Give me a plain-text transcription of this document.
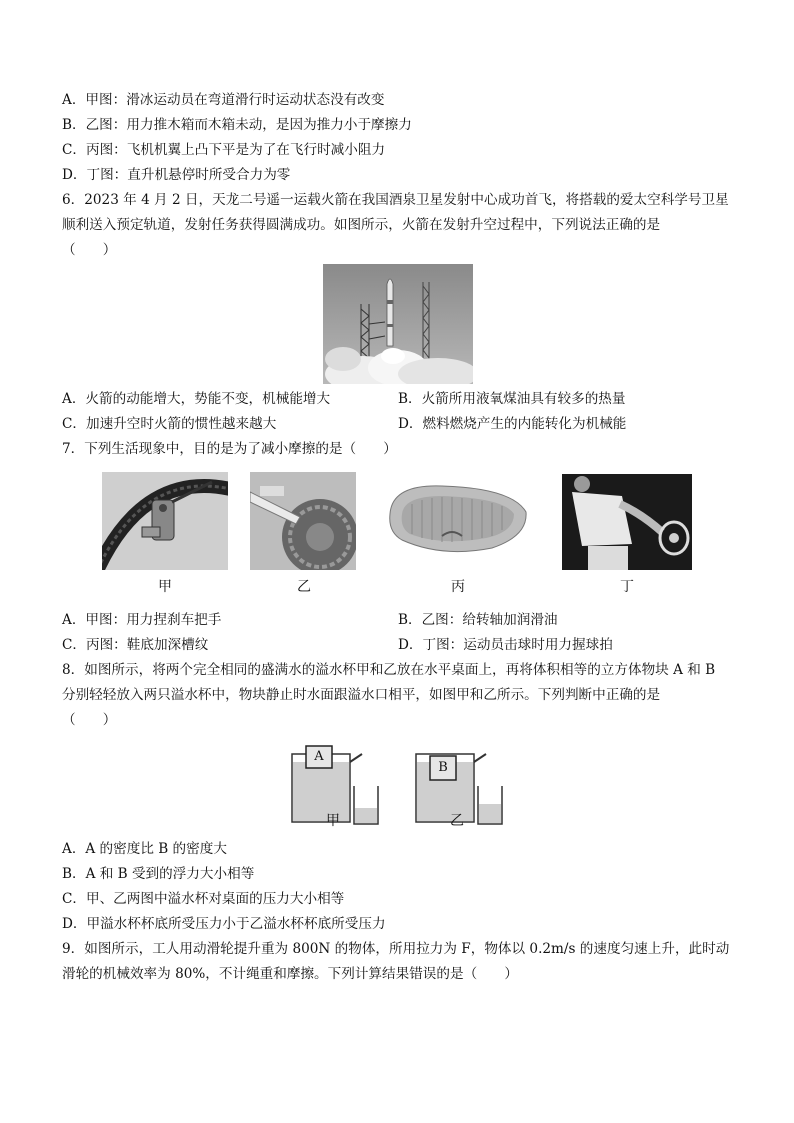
A．甲图：滑冰运动员在弯道滑行时运动状态没有改变
B．乙图：用力推木箱而木箱未动，是因为推力小于摩擦力
C．丙图：飞机机翼上凸下平是为了在飞行时减小阻力
D．丁图：直升机悬停时所受合力为零
6．2023 年 4 月 2 日，天龙二号遥一运载火箭在我国酒泉卫星发射中心成功首飞，将搭载的爱太空科学号卫星
顺利送入预定轨道，发射任务获得圆满成功。如图所示，火箭在发射升空过程中，下列说法正确的是
（　　）
A．火箭的动能增大，势能不变，机械能增大	B．火箭所用液氧煤油具有较多的热量
C．加速升空时火箭的惯性越来越大	D．燃料燃烧产生的内能转化为机械能
7．下列生活现象中，目的是为了减小摩擦的是（　　）
甲	乙	丙	丁
A．甲图：用力捏刹车把手	B．乙图：给转轴加润滑油
C．丙图：鞋底加深槽纹	D．丁图：运动员击球时用力握球拍
8．如图所示，将两个完全相同的盛满水的溢水杯甲和乙放在水平桌面上，再将体积相等的立方体物块 A 和 B
分别轻轻放入两只溢水杯中，物块静止时水面跟溢水口相平，如图甲和乙所示。下列判断中正确的是
（　　）
A
B
甲	乙
A．A 的密度比 B 的密度大
B．A 和 B 受到的浮力大小相等
C．甲、乙两图中溢水杯对桌面的压力大小相等
D．甲溢水杯杯底所受压力小于乙溢水杯杯底所受压力
9．如图所示，工人用动滑轮提升重为 800N 的物体，所用拉力为 F，物体以 0.2m/s 的速度匀速上升，此时动
滑轮的机械效率为 80%，不计绳重和摩擦。下列计算结果错误的是（　　）
